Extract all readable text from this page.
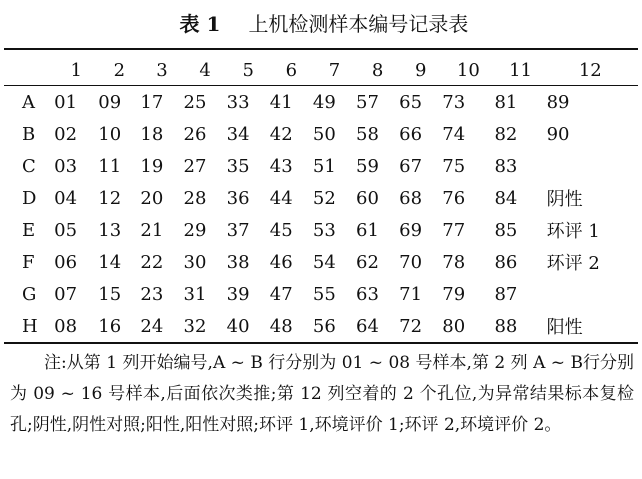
表 1 上机检测样本编号记录表
	1	2	3	4	5	6	7	8	9	10	11	12
A	01	09	17	25	33	41	49	57	65	73	81	89
B	02	10	18	26	34	42	50	58	66	74	82	90
C	03	11	19	27	35	43	51	59	67	75	83	
D	04	12	20	28	36	44	52	60	68	76	84	阴性
E	05	13	21	29	37	45	53	61	69	77	85	环评 1
F	06	14	22	30	38	46	54	62	70	78	86	环评 2
G	07	15	23	31	39	47	55	63	71	79	87	
H	08	16	24	32	40	48	56	64	72	80	88	阳性
注:从第 1 列开始编号,A ~ B 行分别为 01 ~ 08 号样本,第 2 列 A ~ B行分别为 09 ~ 16 号样本,后面依次类推;第 12 列空着的 2 个孔位,为异常结果标本复检孔;阴性,阴性对照;阳性,阳性对照;环评 1,环境评价 1;环评 2,环境评价 2。
